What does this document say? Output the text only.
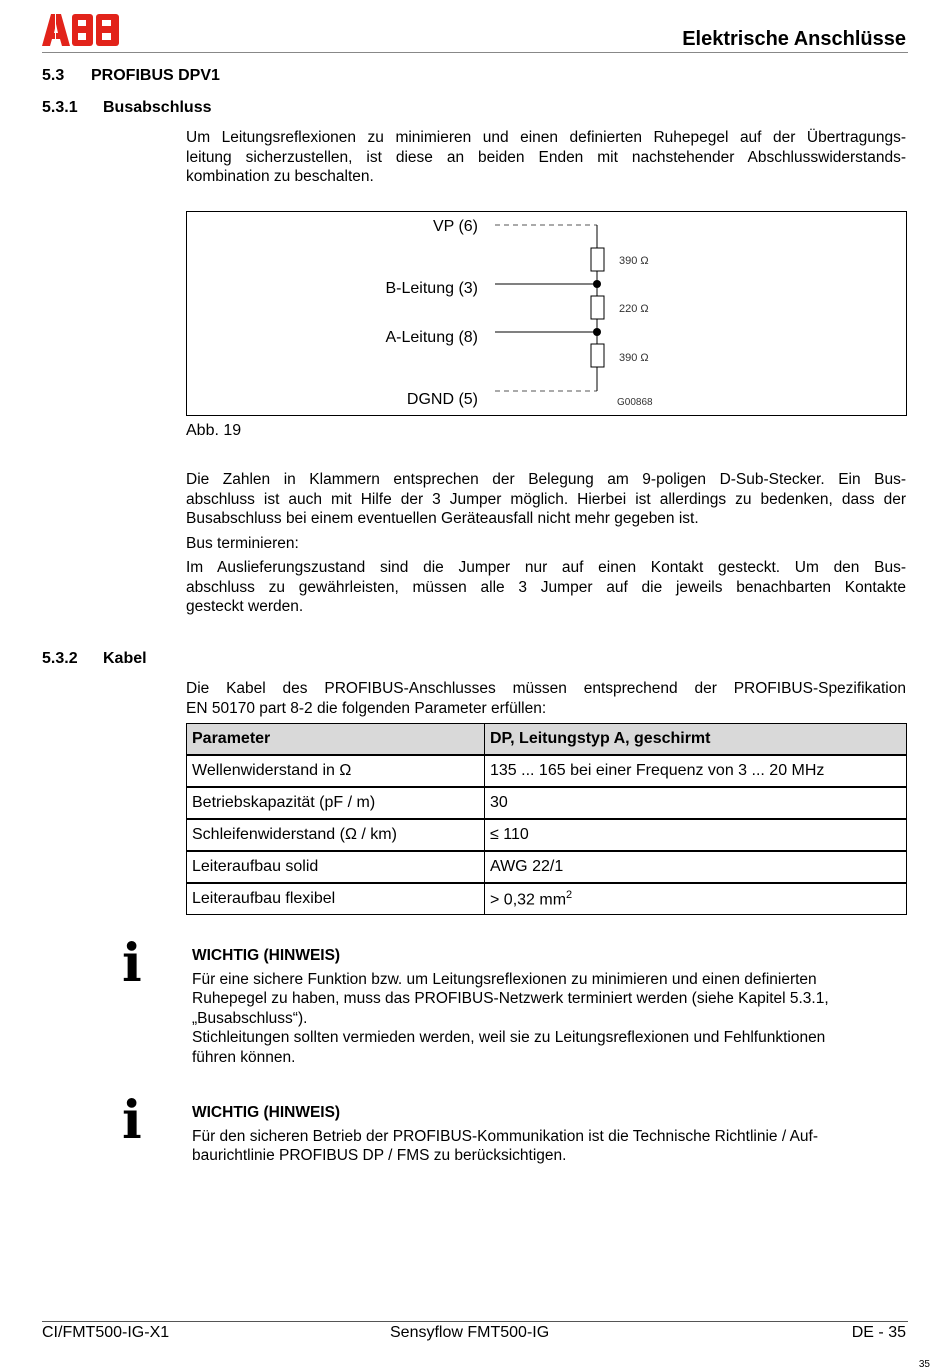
Elektrische Anschlüsse
5.3 PROFIBUS DPV1
5.3.1 Busabschluss
Um Leitungsreflexionen zu minimieren und einen definierten Ruhepegel auf der Übertragungs-
leitung sicherzustellen, ist diese an beiden Enden mit nachstehender Abschlusswiderstands-
kombination zu beschalten.
VP (6)
B-Leitung (3)
A-Leitung (8)
DGND (5)
390 Ω
220 Ω
390 Ω
G00868
Abb. 19
Die Zahlen in Klammern entsprechen der Belegung am 9-poligen D-Sub-Stecker. Ein Bus-
abschluss ist auch mit Hilfe der 3 Jumper möglich. Hierbei ist allerdings zu bedenken, dass der
Busabschluss bei einem eventuellen Geräteausfall nicht mehr gegeben ist.
Bus terminieren:
Im Auslieferungszustand sind die Jumper nur auf einen Kontakt gesteckt. Um den Bus-
abschluss zu gewährleisten, müssen alle 3 Jumper auf die jeweils benachbarten Kontakte
gesteckt werden.
5.3.2 Kabel
Die Kabel des PROFIBUS-Anschlusses müssen entsprechend der PROFIBUS-Spezifikation
EN 50170 part 8-2 die folgenden Parameter erfüllen:
Parameter	DP, Leitungstyp A, geschirmt
Wellenwiderstand in Ω	135 ... 165 bei einer Frequenz von 3 ... 20 MHz
Betriebskapazität (pF / m)	30
Schleifenwiderstand (Ω / km)	≤ 110
Leiteraufbau solid	AWG 22/1
Leiteraufbau flexibel	> 0,32 $mm^2$
i	WICHTIG (HINWEIS)
Für eine sichere Funktion bzw. um Leitungsreflexionen zu minimieren und einen definierten
Ruhepegel zu haben, muss das PROFIBUS-Netzwerk terminiert werden (siehe Kapitel 5.3.1,
„Busabschluss“).
Stichleitungen sollten vermieden werden, weil sie zu Leitungsreflexionen und Fehlfunktionen
führen können.
i	WICHTIG (HINWEIS)
Für den sicheren Betrieb der PROFIBUS-Kommunikation ist die Technische Richtlinie / Auf-
baurichtlinie PROFIBUS DP / FMS zu berücksichtigen.
CI/FMT500-IG-X1	Sensyflow FMT500-IG	DE - 35
35
